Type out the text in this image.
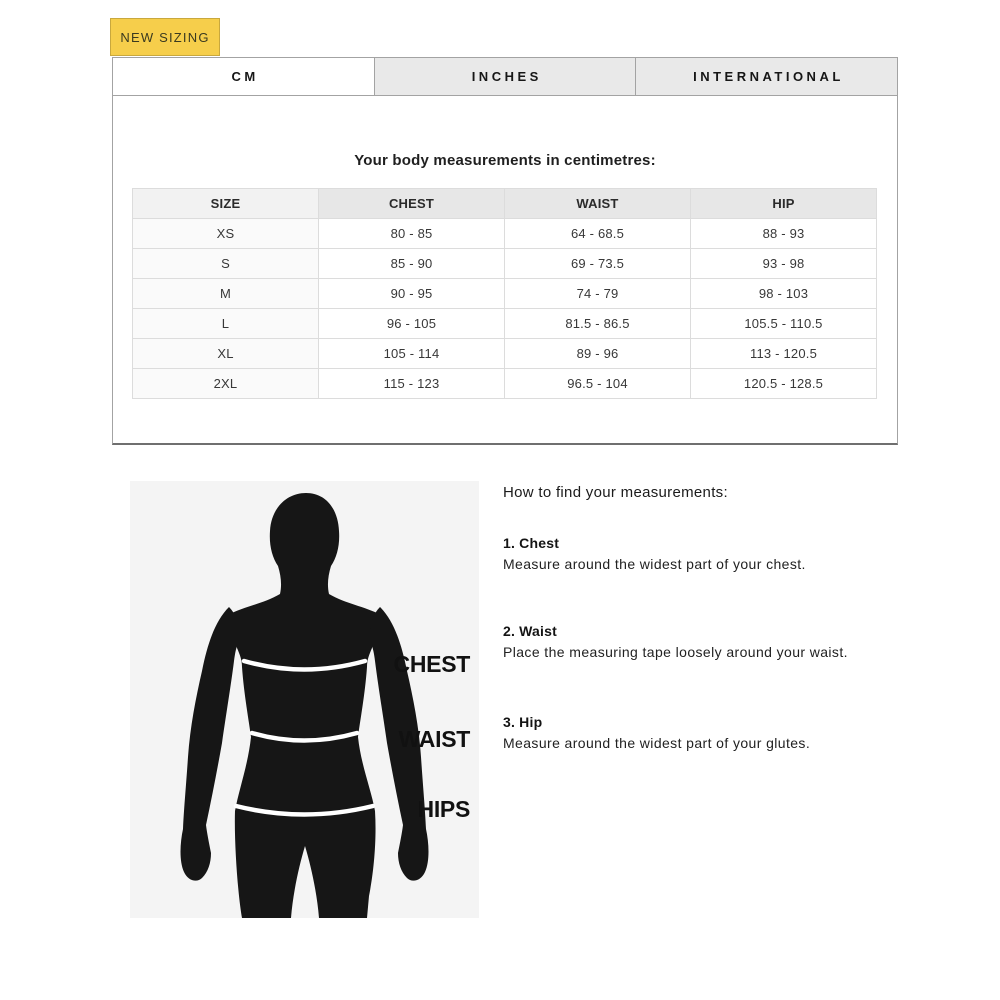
NEW SIZING
CM	INCHES	INTERNATIONAL
Your body measurements in centimetres:
SIZE	CHEST	WAIST	HIP
XS	80 - 85	64 - 68.5	88 - 93
S	85 - 90	69 - 73.5	93 - 98
M	90 - 95	74 - 79	98 - 103
L	96 - 105	81.5 - 86.5	105.5 - 110.5
XL	105 - 114	89 - 96	113 - 120.5
2XL	115 - 123	96.5 - 104	120.5 - 128.5
CHEST
WAIST
HIPS
How to find your measurements:
1. Chest

Measure around the widest part of your chest.

2. Waist

Place the measuring tape loosely around your waist.

3. Hip

Measure around the widest part of your glutes.
